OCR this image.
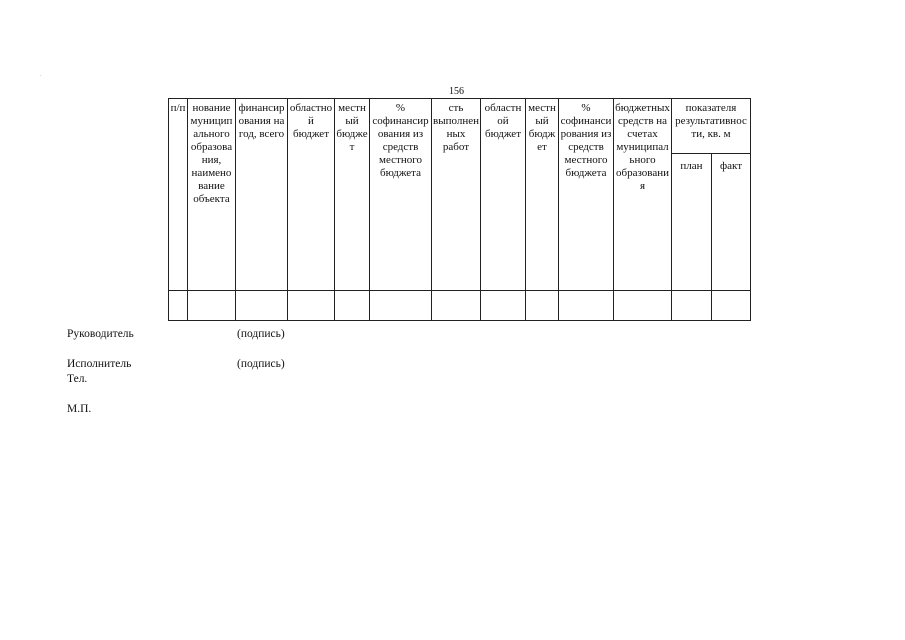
.
156
п/п	нование муниципального образования, наименование объекта	финансирования на год, всего	областной бюджет	местный бюджет	% софинансирования из средств местного бюджета	сть выполненных работ	областной бюджет	местный бюджет	% софинансирования из средств местного бюджета	бюджетных средств на счетах муниципального образования	показателя результативности, кв. м	
											план	факт

Руководитель	(подпись)
Исполнитель	(подпись)
Тел.
М.П.
